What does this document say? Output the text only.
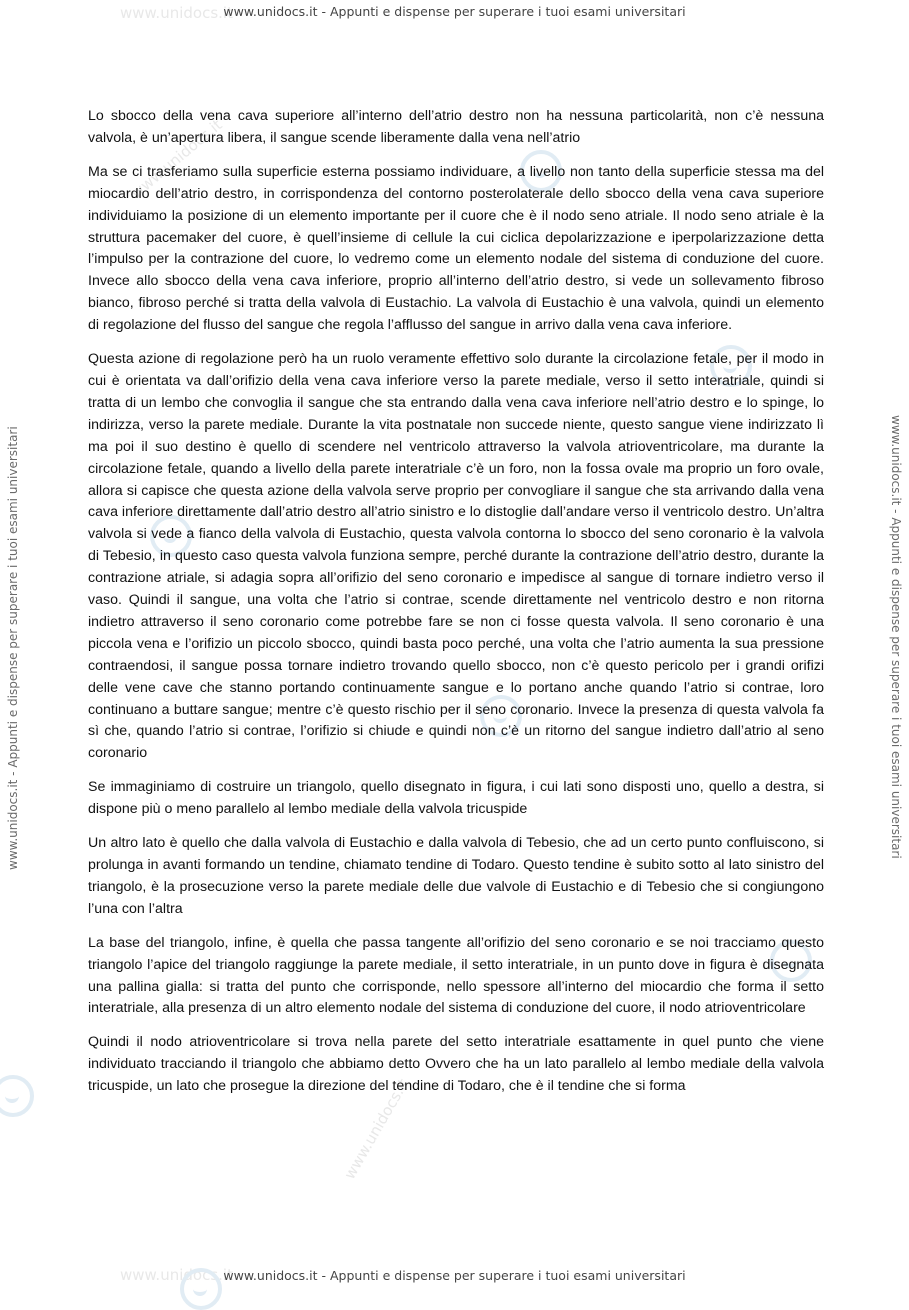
www.unidocs.it
www.unidocs.it
www.unidocs.it
www.unidocs.it
www.unidocs.it - Appunti e dispense per superare i tuoi esami universitari
www.unidocs.it - Appunti e dispense per superare i tuoi esami universitari	www.unidocs.it - Appunti e dispense per superare i tuoi esami universitari

Lo sbocco della vena cava superiore all’interno dell’atrio destro non ha nessuna particolarità, non c’è nessuna valvola, è un’apertura libera, il sangue scende liberamente dalla vena nell’atrio

Ma se ci trasferiamo sulla superficie esterna possiamo individuare, a livello non tanto della superficie stessa ma del miocardio dell’atrio destro, in corrispondenza del contorno posterolaterale dello sbocco della vena cava superiore individuiamo la posizione di un elemento importante per il cuore che è il nodo seno atriale. Il nodo seno atriale è la struttura pacemaker del cuore, è quell’insieme di cellule la cui ciclica depolarizzazione e iperpolarizzazione detta l’impulso per la contrazione del cuore, lo vedremo come un elemento nodale del sistema di conduzione del cuore. Invece allo sbocco della vena cava inferiore, proprio all’interno dell’atrio destro, si vede un sollevamento fibroso bianco, fibroso perché si tratta della valvola di Eustachio. La valvola di Eustachio è una valvola, quindi un elemento di regolazione del flusso del sangue che regola l’afflusso del sangue in arrivo dalla vena cava inferiore.

Questa azione di regolazione però ha un ruolo veramente effettivo solo durante la circolazione fetale, per il modo in cui è orientata va dall’orifizio della vena cava inferiore verso la parete mediale, verso il setto interatriale, quindi si tratta di un lembo che convoglia il sangue che sta entrando dalla vena cava inferiore nell’atrio destro e lo spinge, lo indirizza, verso la parete mediale. Durante la vita postnatale non succede niente, questo sangue viene indirizzato lì ma poi il suo destino è quello di scendere nel ventricolo attraverso la valvola atrioventricolare, ma durante la circolazione fetale, quando a livello della parete interatriale c’è un foro, non la fossa ovale ma proprio un foro ovale, allora si capisce che questa azione della valvola serve proprio per convogliare il sangue che sta arrivando dalla vena cava inferiore direttamente dall’atrio destro all’atrio sinistro e lo distoglie dall’andare verso il ventricolo destro. Un’altra valvola si vede a fianco della valvola di Eustachio, questa valvola contorna lo sbocco del seno coronario è la valvola di Tebesio, in questo caso questa valvola funziona sempre, perché durante la contrazione dell’atrio destro, durante la contrazione atriale, si adagia sopra all’orifizio del seno coronario e impedisce al sangue di tornare indietro verso il vaso. Quindi il sangue, una volta che l’atrio si contrae, scende direttamente nel ventricolo destro e non ritorna indietro attraverso il seno coronario come potrebbe fare se non ci fosse questa valvola. Il seno coronario è una piccola vena e l’orifizio un piccolo sbocco, quindi basta poco perché, una volta che l’atrio aumenta la sua pressione contraendosi, il sangue possa tornare indietro trovando quello sbocco, non c’è questo pericolo per i grandi orifizi delle vene cave che stanno portando continuamente sangue e lo portano anche quando l’atrio si contrae, loro continuano a buttare sangue; mentre c’è questo rischio per il seno coronario. Invece la presenza di questa valvola fa sì che, quando l’atrio si contrae, l’orifizio si chiude e quindi non c’è un ritorno del sangue indietro dall’atrio al seno coronario

Se immaginiamo di costruire un triangolo, quello disegnato in figura, i cui lati sono disposti uno, quello a destra, si dispone più o meno parallelo al lembo mediale della valvola tricuspide

Un altro lato è quello che dalla valvola di Eustachio e dalla valvola di Tebesio, che ad un certo punto confluiscono, si prolunga in avanti formando un tendine, chiamato tendine di Todaro. Questo tendine è subito sotto al lato sinistro del triangolo, è la prosecuzione verso la parete mediale delle due valvole di Eustachio e di Tebesio che si congiungono l’una con l’altra

La base del triangolo, infine, è quella che passa tangente all’orifizio del seno coronario e se noi tracciamo questo triangolo l’apice del triangolo raggiunge la parete mediale, il setto interatriale, in un punto dove in figura è disegnata una pallina gialla: si tratta del punto che corrisponde, nello spessore all’interno del miocardio che forma il setto interatriale, alla presenza di un altro elemento nodale del sistema di conduzione del cuore, il nodo atrioventricolare

Quindi il nodo atrioventricolare si trova nella parete del setto interatriale esattamente in quel punto che viene individuato tracciando il triangolo che abbiamo detto Ovvero che ha un lato parallelo al lembo mediale della valvola tricuspide, un lato che prosegue la direzione del tendine di Todaro, che è il tendine che si forma

www.unidocs.it - Appunti e dispense per superare i tuoi esami universitari
